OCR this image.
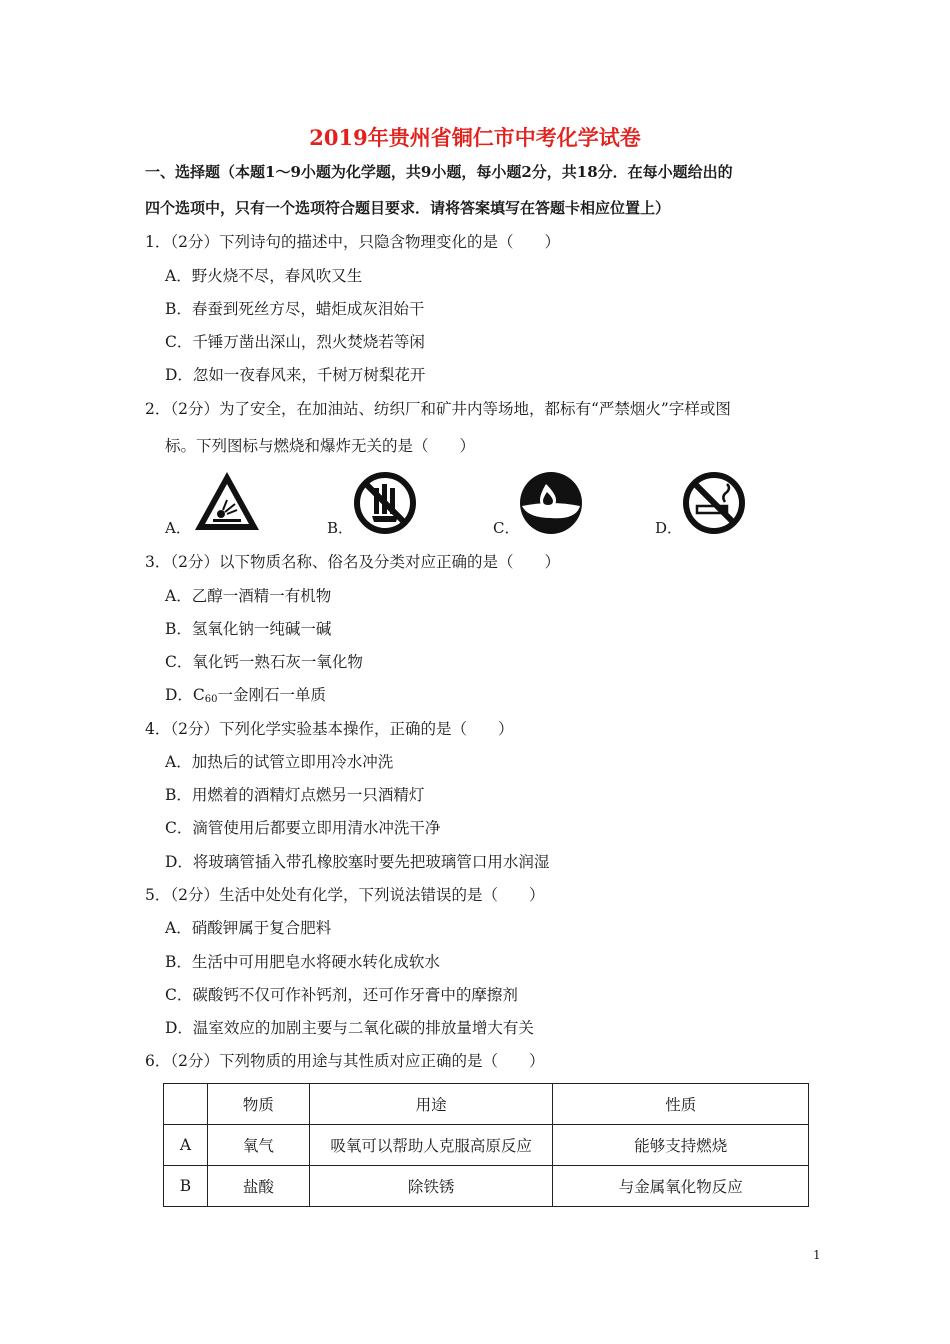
2019年贵州省铜仁市中考化学试卷
一、选择题（本题1～9小题为化学题，共9小题，每小题2分，共18分．在每小题给出的
四个选项中，只有一个选项符合题目要求．请将答案填写在答题卡相应位置上）
1．（2分）下列诗句的描述中，只隐含物理变化的是（　　）
A．野火烧不尽，春风吹又生
B．春蚕到死丝方尽，蜡炬成灰泪始干
C．千锤万凿出深山，烈火焚烧若等闲
D．忽如一夜春风来，千树万树梨花开
2．（2分）为了安全，在加油站、纺织厂和矿井内等场地，都标有“严禁烟火”字样或图
标。下列图标与燃烧和爆炸无关的是（　　）
A．	B．	C．	D．
3．（2分）以下物质名称、俗名及分类对应正确的是（　　）
A．乙醇一酒精一有机物
B．氢氧化钠一纯碱一碱
C．氧化钙一熟石灰一氧化物
D．$C_{60}$一金刚石一单质
4．（2分）下列化学实验基本操作，正确的是（　　）
A．加热后的试管立即用冷水冲洗
B．用燃着的酒精灯点燃另一只酒精灯
C．滴管使用后都要立即用清水冲洗干净
D．将玻璃管插入带孔橡胶塞时要先把玻璃管口用水润湿
5．（2分）生活中处处有化学，下列说法错误的是（　　）
A．硝酸钾属于复合肥料
B．生活中可用肥皂水将硬水转化成软水
C．碳酸钙不仅可作补钙剂，还可作牙膏中的摩擦剂
D．温室效应的加剧主要与二氧化碳的排放量增大有关
6．（2分）下列物质的用途与其性质对应正确的是（　　）
	物质	用途	性质
A	氧气	吸氧可以帮助人克服高原反应	能够支持燃烧
B	盐酸	除铁锈	与金属氧化物反应
1
